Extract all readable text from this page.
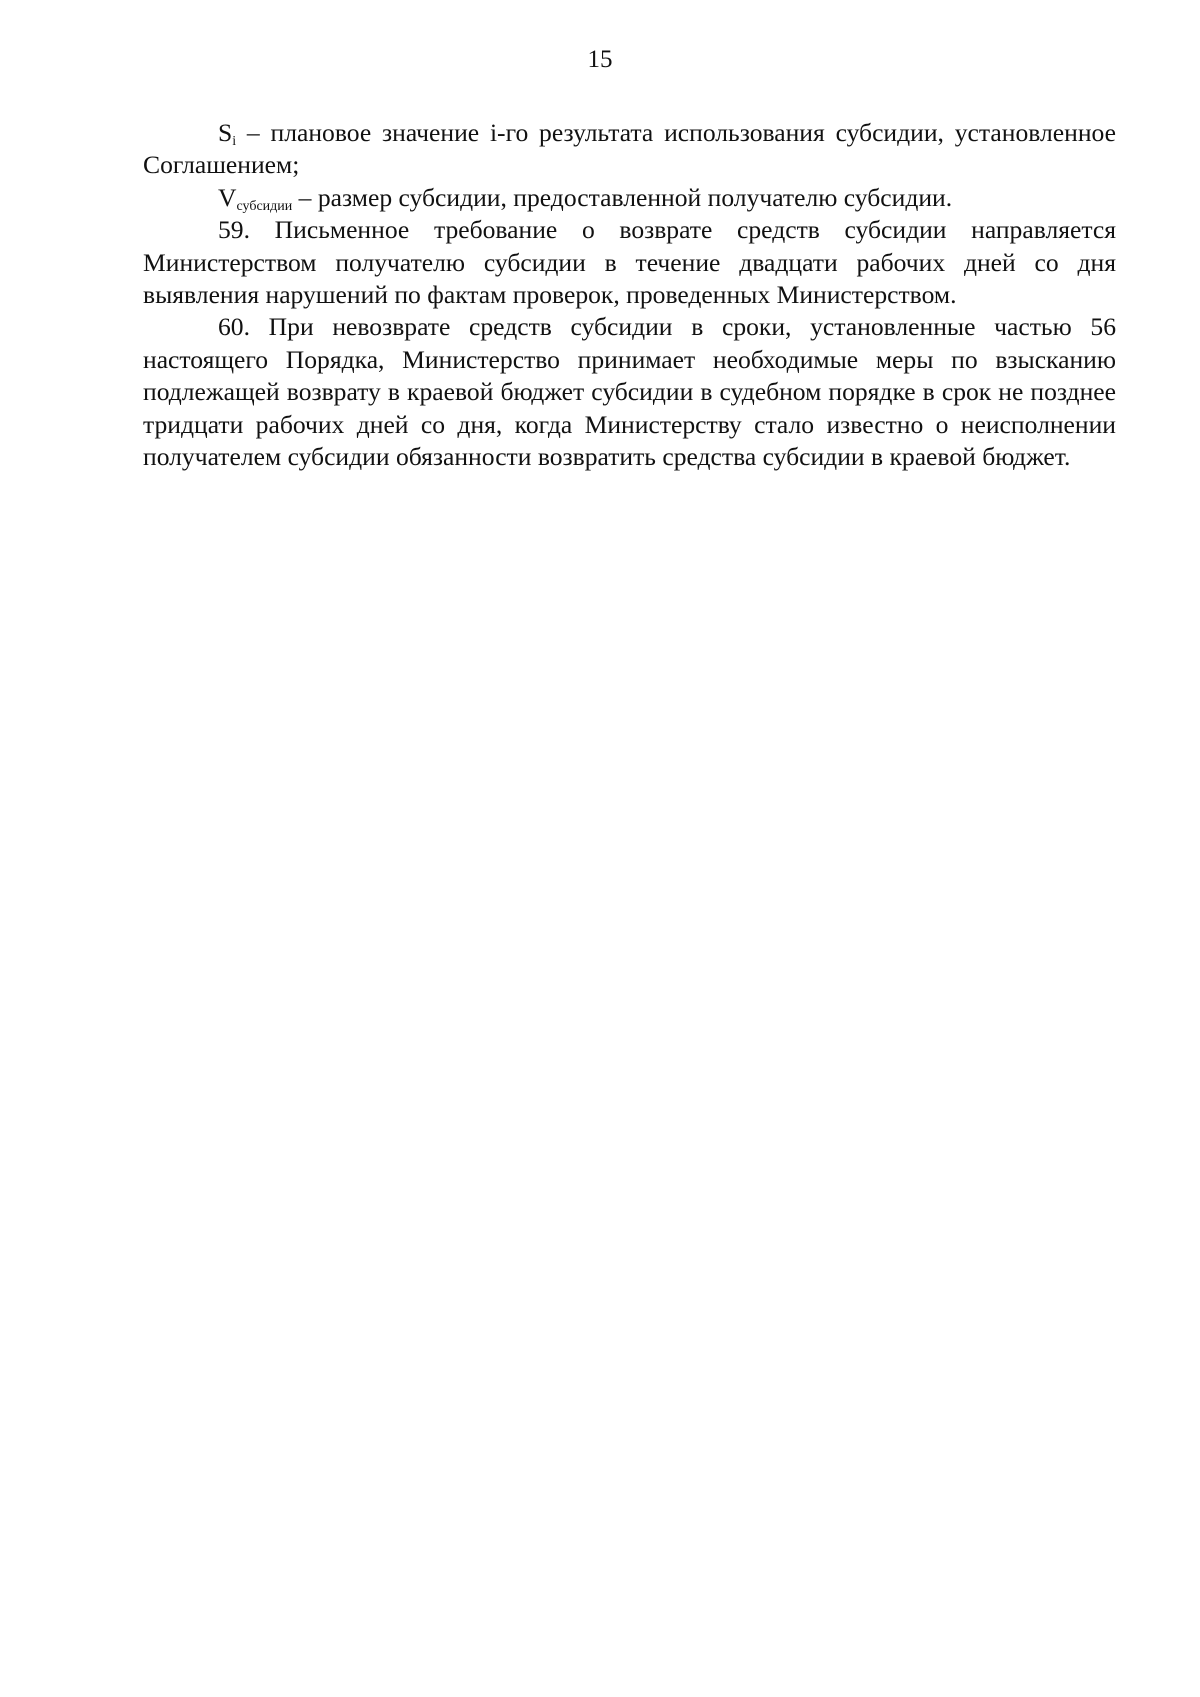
15

$S_i$ – плановое значение i-го результата использования субсидии, установленное Соглашением;

$V_{субсидии}$ – размер субсидии, предоставленной получателю субсидии.

59. Письменное требование о возврате средств субсидии направляется Министерством получателю субсидии в течение двадцати рабочих дней со дня выявления нарушений по фактам проверок, проведенных Министерством.

60. При невозврате средств субсидии в сроки, установленные частью 56 настоящего Порядка, Министерство принимает необходимые меры по взысканию подлежащей возврату в краевой бюджет субсидии в судебном порядке в срок не позднее тридцати рабочих дней со дня, когда Министерству стало известно о неисполнении получателем субсидии обязанности возвратить средства субсидии в краевой бюджет.
